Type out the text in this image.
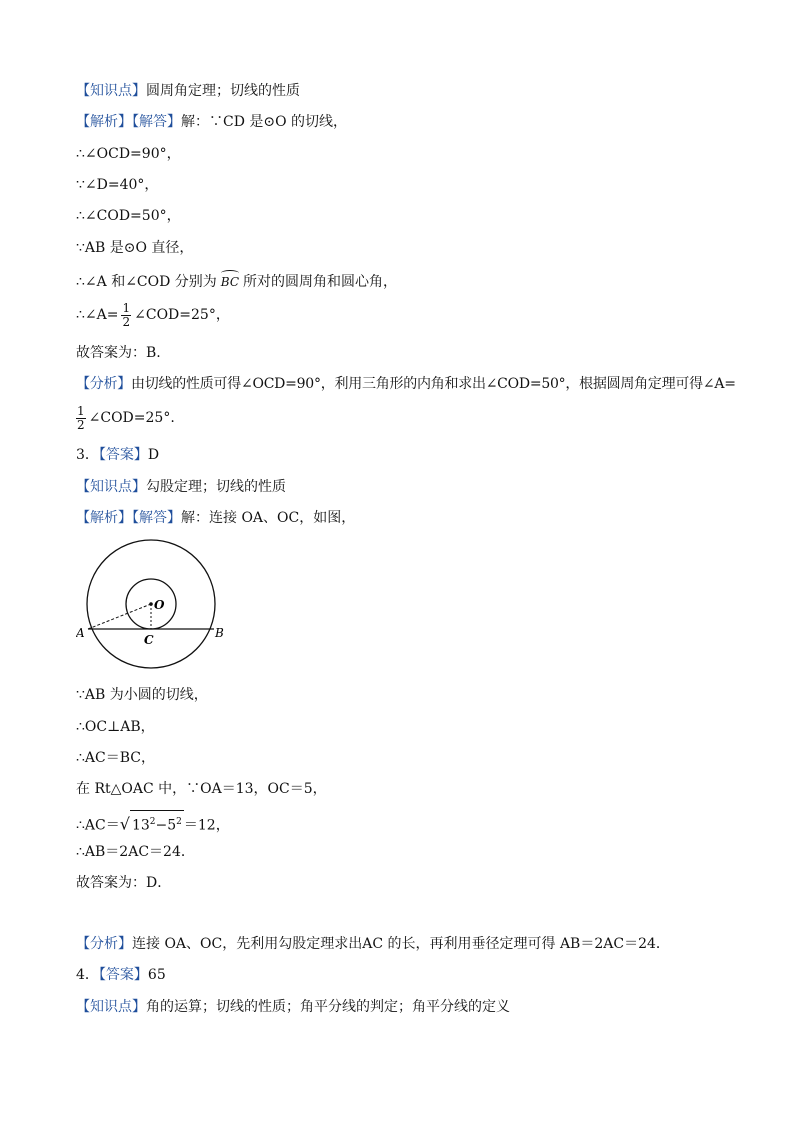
【知识点】圆周角定理；切线的性质
【解析】【解答】解：∵CD 是⊙O 的切线，
∴∠OCD=90°，
∵∠D=40°，
∴∠COD=50°，
∵AB 是⊙O 直径，
∴∠A 和∠COD 分别为 BC 所对的圆周角和圆心角，
∴∠A= $\frac{1}{2}$ ∠COD=25°，
故答案为：B.
【分析】由切线的性质可得∠OCD=90°，利用三角形的内角和求出∠COD=50°，根据圆周角定理可得∠A=
$\frac{1}{2}$ ∠COD=25°.
3．【答案】D
【知识点】勾股定理；切线的性质
【解析】【解答】解：连接 OA、OC，如图，
O
A	B
C
∵AB 为小圆的切线，
∴OC⊥AB，
∴AC＝BC，
在 Rt△OAC 中，∵OA＝13，OC＝5，
∴AC＝√ $13^2-5^2 =12$，
∴AB＝2AC＝24．
故答案为：D．
【分析】连接 OA、OC，先利用勾股定理求出AC 的长，再利用垂径定理可得 AB＝2AC＝24．
4．【答案】65
【知识点】角的运算；切线的性质；角平分线的判定；角平分线的定义
